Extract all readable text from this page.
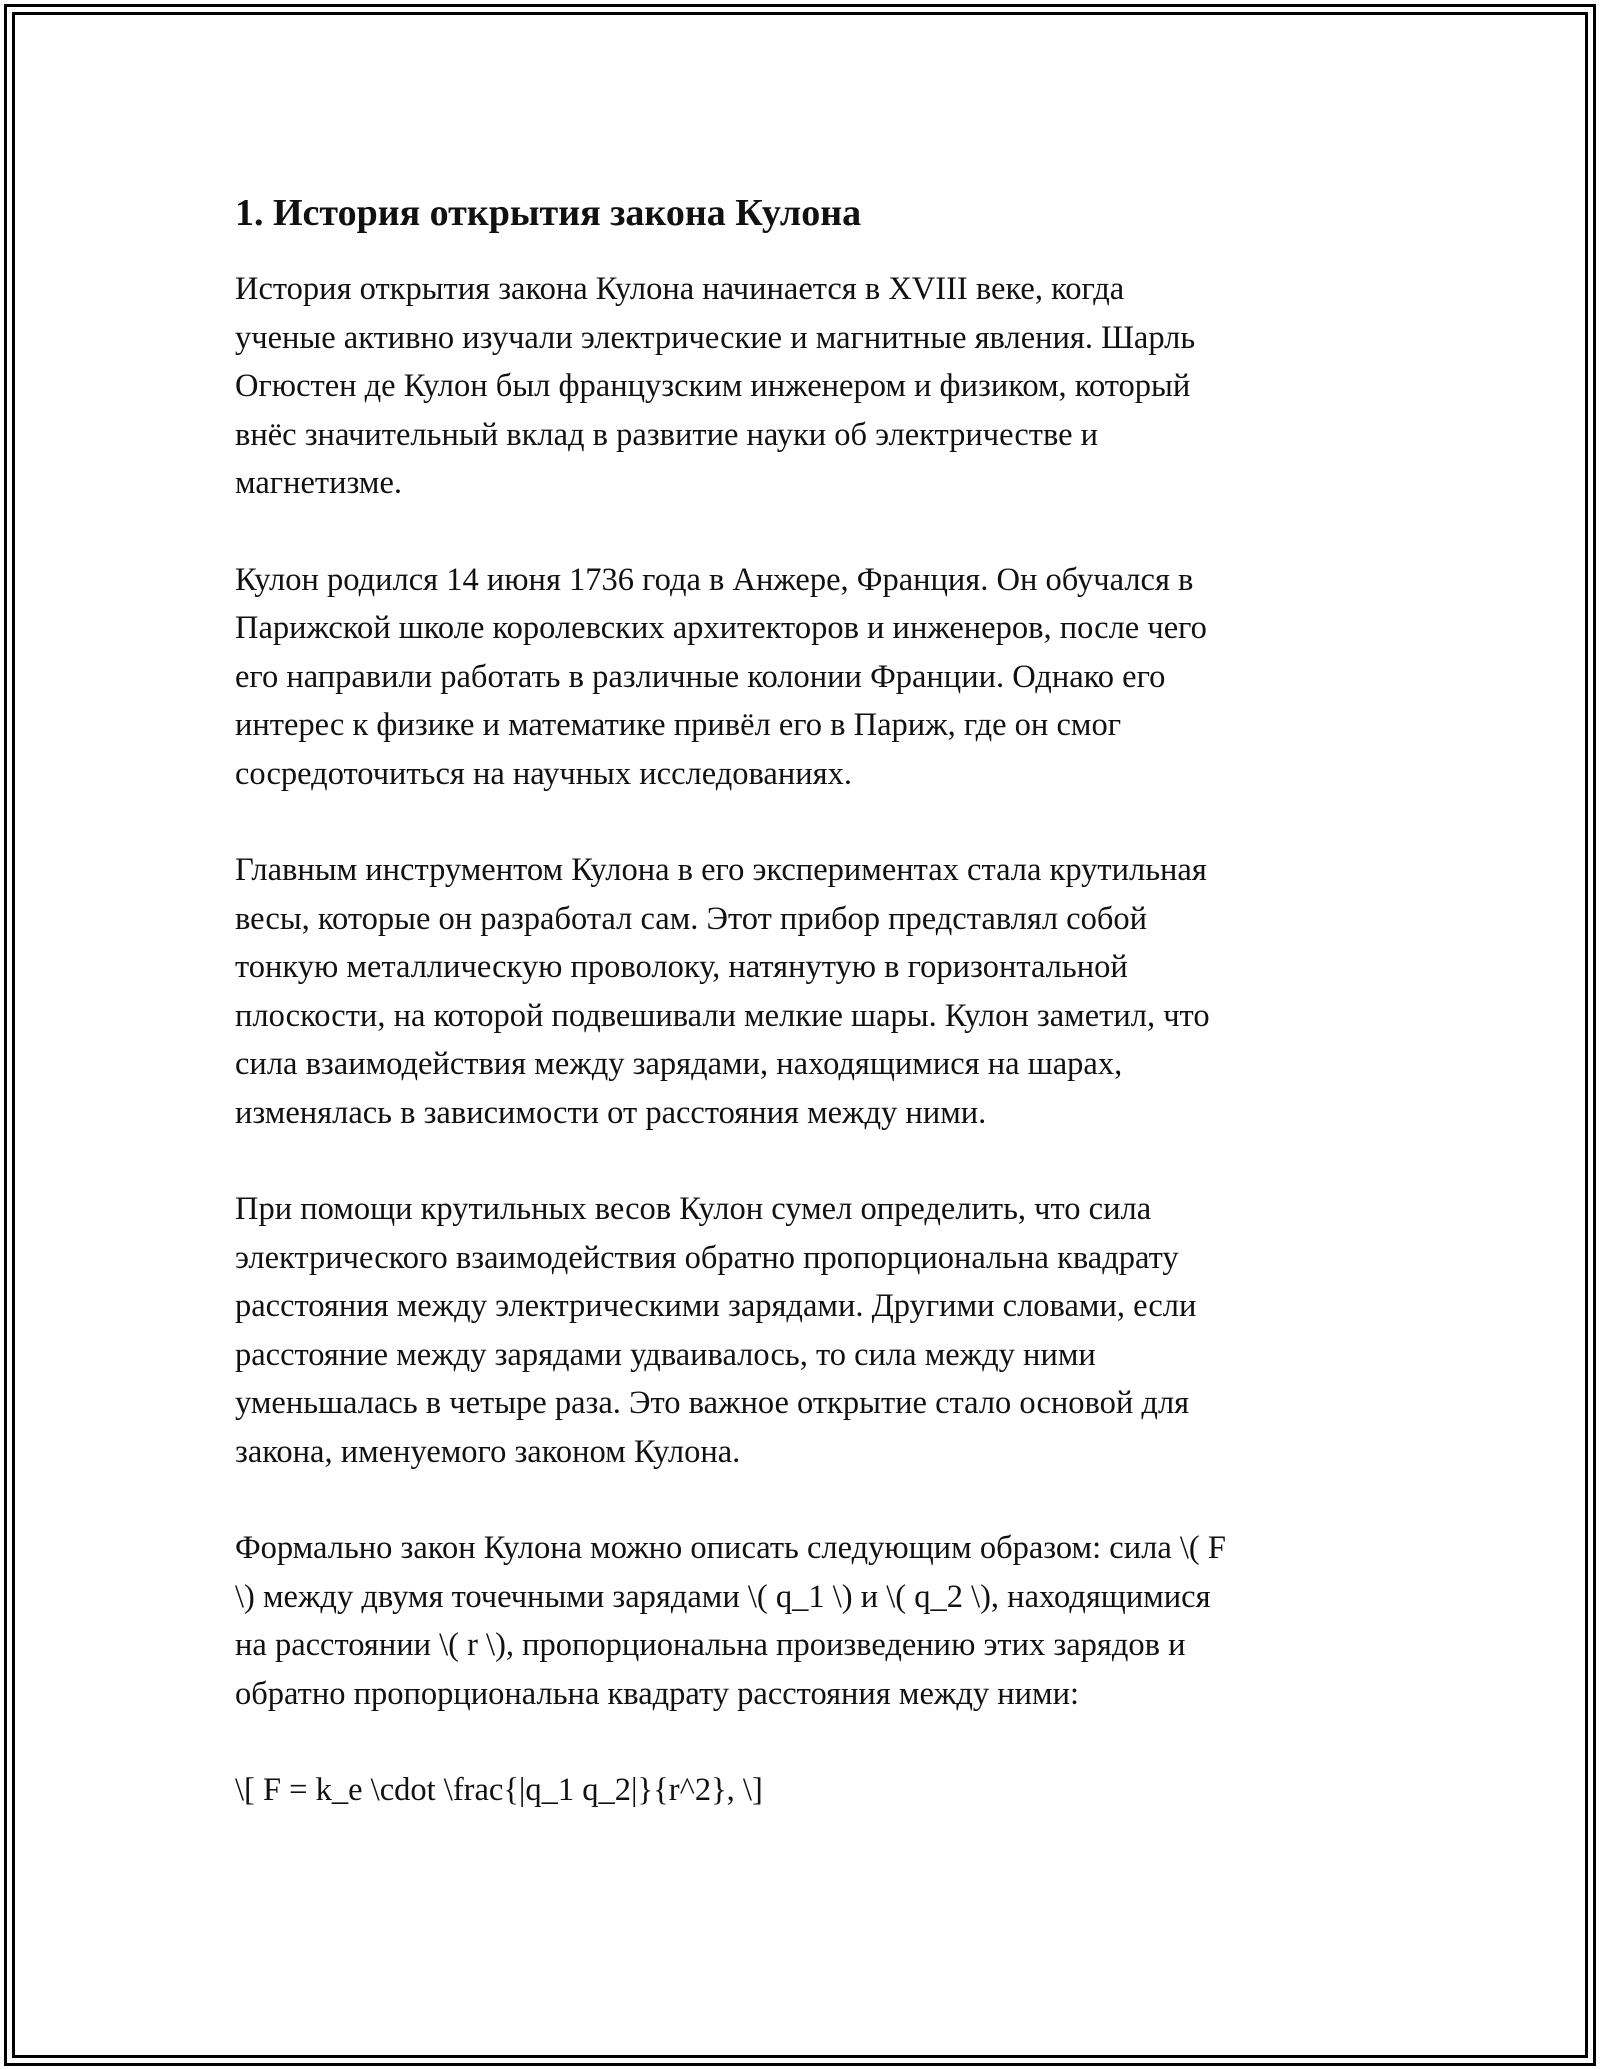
1. История открытия закона Кулона

История открытия закона Кулона начинается в XVIII веке, когда
ученые активно изучали электрические и магнитные явления. Шарль
Огюстен де Кулон был французским инженером и физиком, который
внёс значительный вклад в развитие науки об электричестве и
магнетизме.

Кулон родился 14 июня 1736 года в Анжере, Франция. Он обучался в
Парижской школе королевских архитекторов и инженеров, после чего
его направили работать в различные колонии Франции. Однако его
интерес к физике и математике привёл его в Париж, где он смог
сосредоточиться на научных исследованиях.

Главным инструментом Кулона в его экспериментах стала крутильная
весы, которые он разработал сам. Этот прибор представлял собой
тонкую металлическую проволоку, натянутую в горизонтальной
плоскости, на которой подвешивали мелкие шары. Кулон заметил, что
сила взаимодействия между зарядами, находящимися на шарах,
изменялась в зависимости от расстояния между ними.

При помощи крутильных весов Кулон сумел определить, что сила
электрического взаимодействия обратно пропорциональна квадрату
расстояния между электрическими зарядами. Другими словами, если
расстояние между зарядами удваивалось, то сила между ними
уменьшалась в четыре раза. Это важное открытие стало основой для
закона, именуемого законом Кулона.

Формально закон Кулона можно описать следующим образом: сила \( F
\) между двумя точечными зарядами \( q_1 \) и \( q_2 \), находящимися
на расстоянии \( r \), пропорциональна произведению этих зарядов и
обратно пропорциональна квадрату расстояния между ними:

\[ F = k_e \cdot \frac{|q_1 q_2|}{r^2}, \]
